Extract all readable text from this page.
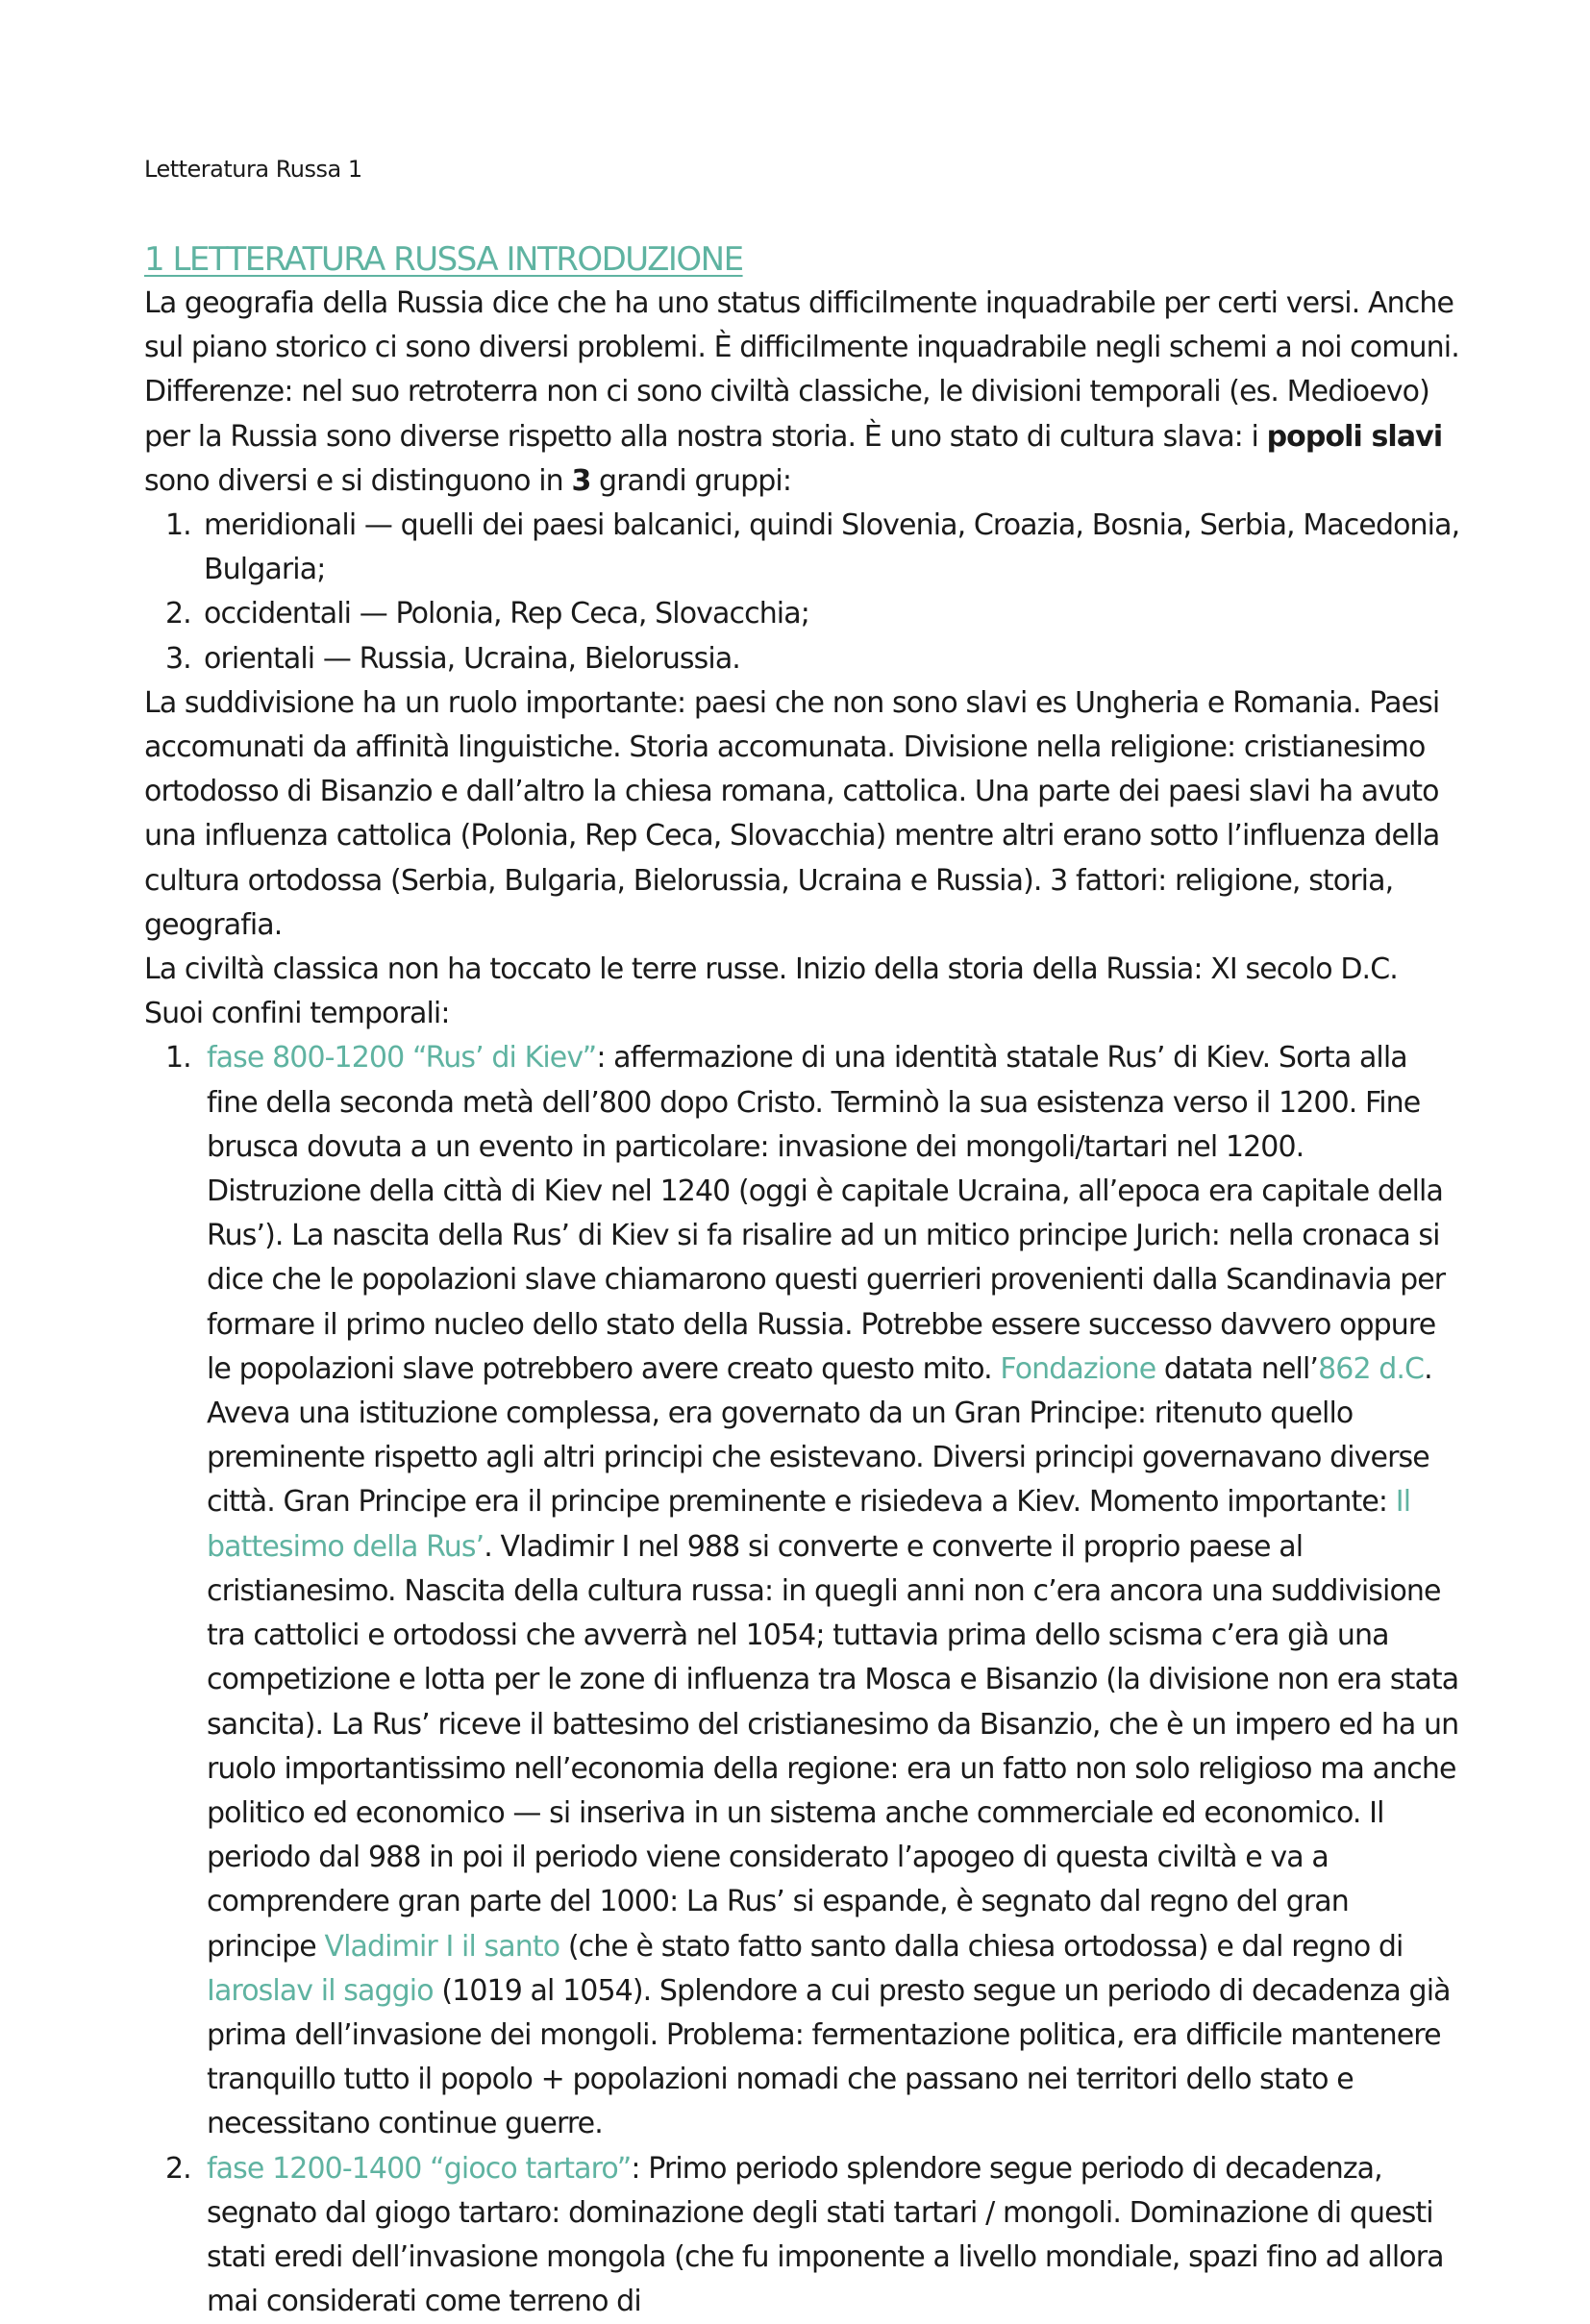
Letteratura Russa 1
1 LETTERATURA RUSSA INTRODUZIONE

La geografia della Russia dice che ha uno status difficilmente inquadrabile per certi versi. Anche sul piano storico ci sono diversi problemi. È difficilmente inquadrabile negli schemi a noi comuni. Differenze: nel suo retroterra non ci sono civiltà classiche, le divisioni temporali (es. Medioevo) per la Russia sono diverse rispetto alla nostra storia. È uno stato di cultura slava: i popoli slavi sono diversi e si distinguono in 3 grandi gruppi:

1. meridionali — quelli dei paesi balcanici, quindi Slovenia, Croazia, Bosnia, Serbia, Macedonia, Bulgaria;
2. occidentali — Polonia, Rep Ceca, Slovacchia;
3. orientali — Russia, Ucraina, Bielorussia.

La suddivisione ha un ruolo importante: paesi che non sono slavi es Ungheria e Romania. Paesi accomunati da affinità linguistiche. Storia accomunata. Divisione nella religione: cristianesimo ortodosso di Bisanzio e dall’altro la chiesa romana, cattolica. Una parte dei paesi slavi ha avuto una influenza cattolica (Polonia, Rep Ceca, Slovacchia) mentre altri erano sotto l’influenza della cultura ortodossa (Serbia, Bulgaria, Bielorussia, Ucraina e Russia). 3 fattori: religione, storia, geografia.

La civiltà classica non ha toccato le terre russe. Inizio della storia della Russia: XI secolo D.C. Suoi confini temporali:

1. fase 800-1200 “Rus’ di Kiev”: affermazione di una identità statale Rus’ di Kiev. Sorta alla fine della seconda metà dell’800 dopo Cristo. Terminò la sua esistenza verso il 1200. Fine brusca dovuta a un evento in particolare: invasione dei mongoli/tartari nel 1200. Distruzione della città di Kiev nel 1240 (oggi è capitale Ucraina, all’epoca era capitale della Rus’). La nascita della Rus’ di Kiev si fa risalire ad un mitico principe Jurich: nella cronaca si dice che le popolazioni slave chiamarono questi guerrieri provenienti dalla Scandinavia per formare il primo nucleo dello stato della Russia. Potrebbe essere successo davvero oppure le popolazioni slave potrebbero avere creato questo mito. Fondazione datata nell’862 d.C. Aveva una istituzione complessa, era governato da un Gran Principe: ritenuto quello preminente rispetto agli altri principi che esistevano. Diversi principi governavano diverse città. Gran Principe era il principe preminente e risiedeva a Kiev. Momento importante: Il battesimo della Rus’. Vladimir I nel 988 si converte e converte il proprio paese al cristianesimo. Nascita della cultura russa: in quegli anni non c’era ancora una suddivisione tra cattolici e ortodossi che avverrà nel 1054; tuttavia prima dello scisma c’era già una competizione e lotta per le zone di influenza tra Mosca e Bisanzio (la divisione non era stata sancita). La Rus’ riceve il battesimo del cristianesimo da Bisanzio, che è un impero ed ha un ruolo importantissimo nell’economia della regione: era un fatto non solo religioso ma anche politico ed economico — si inseriva in un sistema anche commerciale ed economico. Il periodo dal 988 in poi il periodo viene considerato l’apogeo di questa civiltà e va a comprendere gran parte del 1000: La Rus’ si espande, è segnato dal regno del gran principe Vladimir I il santo (che è stato fatto santo dalla chiesa ortodossa) e dal regno di Iaroslav il saggio (1019 al 1054). Splendore a cui presto segue un periodo di decadenza già prima dell’invasione dei mongoli. Problema: fermentazione politica, era difficile mantenere tranquillo tutto il popolo + popolazioni nomadi che passano nei territori dello stato e necessitano continue guerre.
2. fase 1200-1400 “gioco tartaro”: Primo periodo splendore segue periodo di decadenza, segnato dal giogo tartaro: dominazione degli stati tartari / mongoli. Dominazione di questi stati eredi dell’invasione mongola (che fu imponente a livello mondiale, spazi fino ad allora mai considerati come terreno di
